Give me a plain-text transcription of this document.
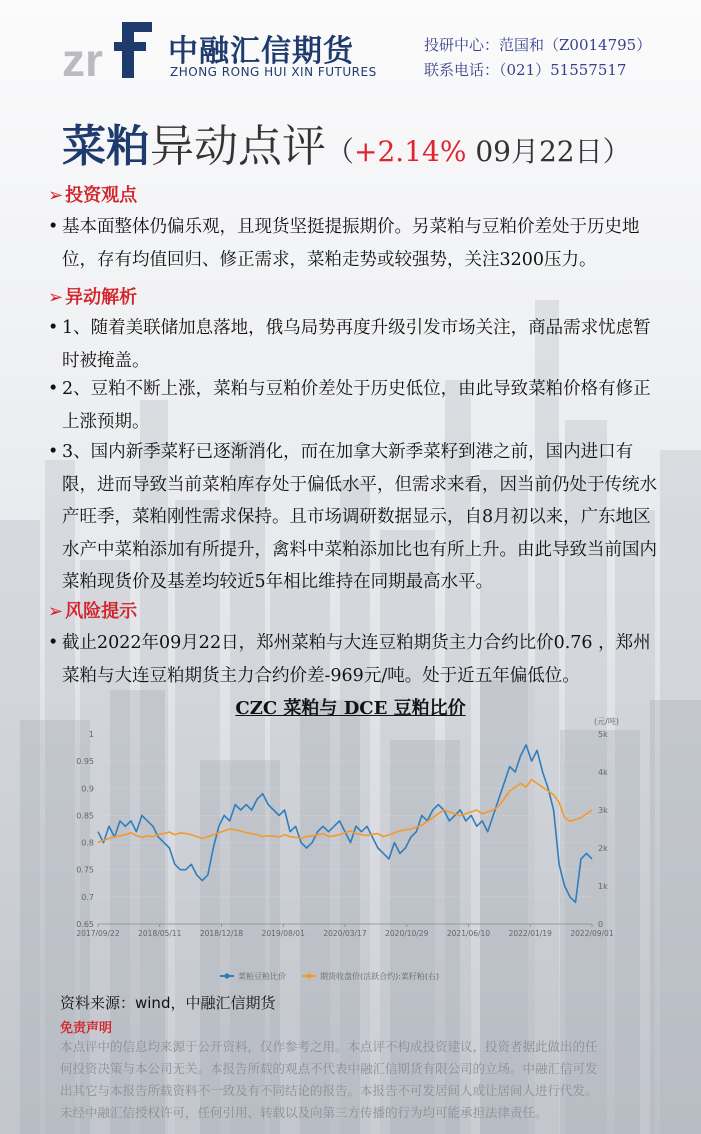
zr 中融汇信期货
ZHONG RONG HUI XIN FUTURES
投研中心：范国和（Z0014795）
联系电话：（021）51557517
菜粕异动点评（+2.14% 09月22日）
➢ 投资观点
• 基本面整体仍偏乐观，且现货坚挺提振期价。另菜粕与豆粕价差处于历史地位，存有均值回归、修正需求，菜粕走势或较强势，关注3200压力。
➢ 异动解析
• 1、随着美联储加息落地，俄乌局势再度升级引发市场关注，商品需求忧虑暂时被掩盖。
• 2、豆粕不断上涨，菜粕与豆粕价差处于历史低位，由此导致菜粕价格有修正上涨预期。
• 3、国内新季菜籽已逐渐消化，而在加拿大新季菜籽到港之前，国内进口有限，进而导致当前菜粕库存处于偏低水平，但需求来看，因当前仍处于传统水产旺季，菜粕刚性需求保持。且市场调研数据显示，自8月初以来，广东地区水产中菜粕添加有所提升，禽料中菜粕添加比也有所上升。由此导致当前国内菜粕现货价及基差均较近5年相比维持在同期最高水平。
➢ 风险提示
• 截止2022年09月22日，郑州菜粕与大连豆粕期货主力合约比价0.76 ，郑州菜粕与大连豆粕期货主力合约价差-969元/吨。处于近五年偏低位。
CZC 菜粕与 DCE 豆粕比价
1
0.95
0.9
0.85
0.8
0.75
0.7
0.65
5k
4k
3k
2k
1k
0
(元/吨)
2017/09/22 2018/05/11 2018/12/18 2019/08/01 2020/03/17 2020/10/29 2021/06/10 2022/01/19 2022/09/01
菜粕豆粕比价	期货收盘价(活跃合约):菜籽粕(右)
资料来源：wind，中融汇信期货
免责声明
本点评中的信息均来源于公开资料，仅作参考之用。本点评不构成投资建议，投资者据此做出的任
何投资决策与本公司无关。本报告所载的观点不代表中融汇信期货有限公司的立场。中融汇信可发
出其它与本报告所载资料不一致及有不同结论的报告。本报告不可发居间人或让居间人进行代发。
未经中融汇信授权许可，任何引用、转载以及向第三方传播的行为均可能承担法律责任。
